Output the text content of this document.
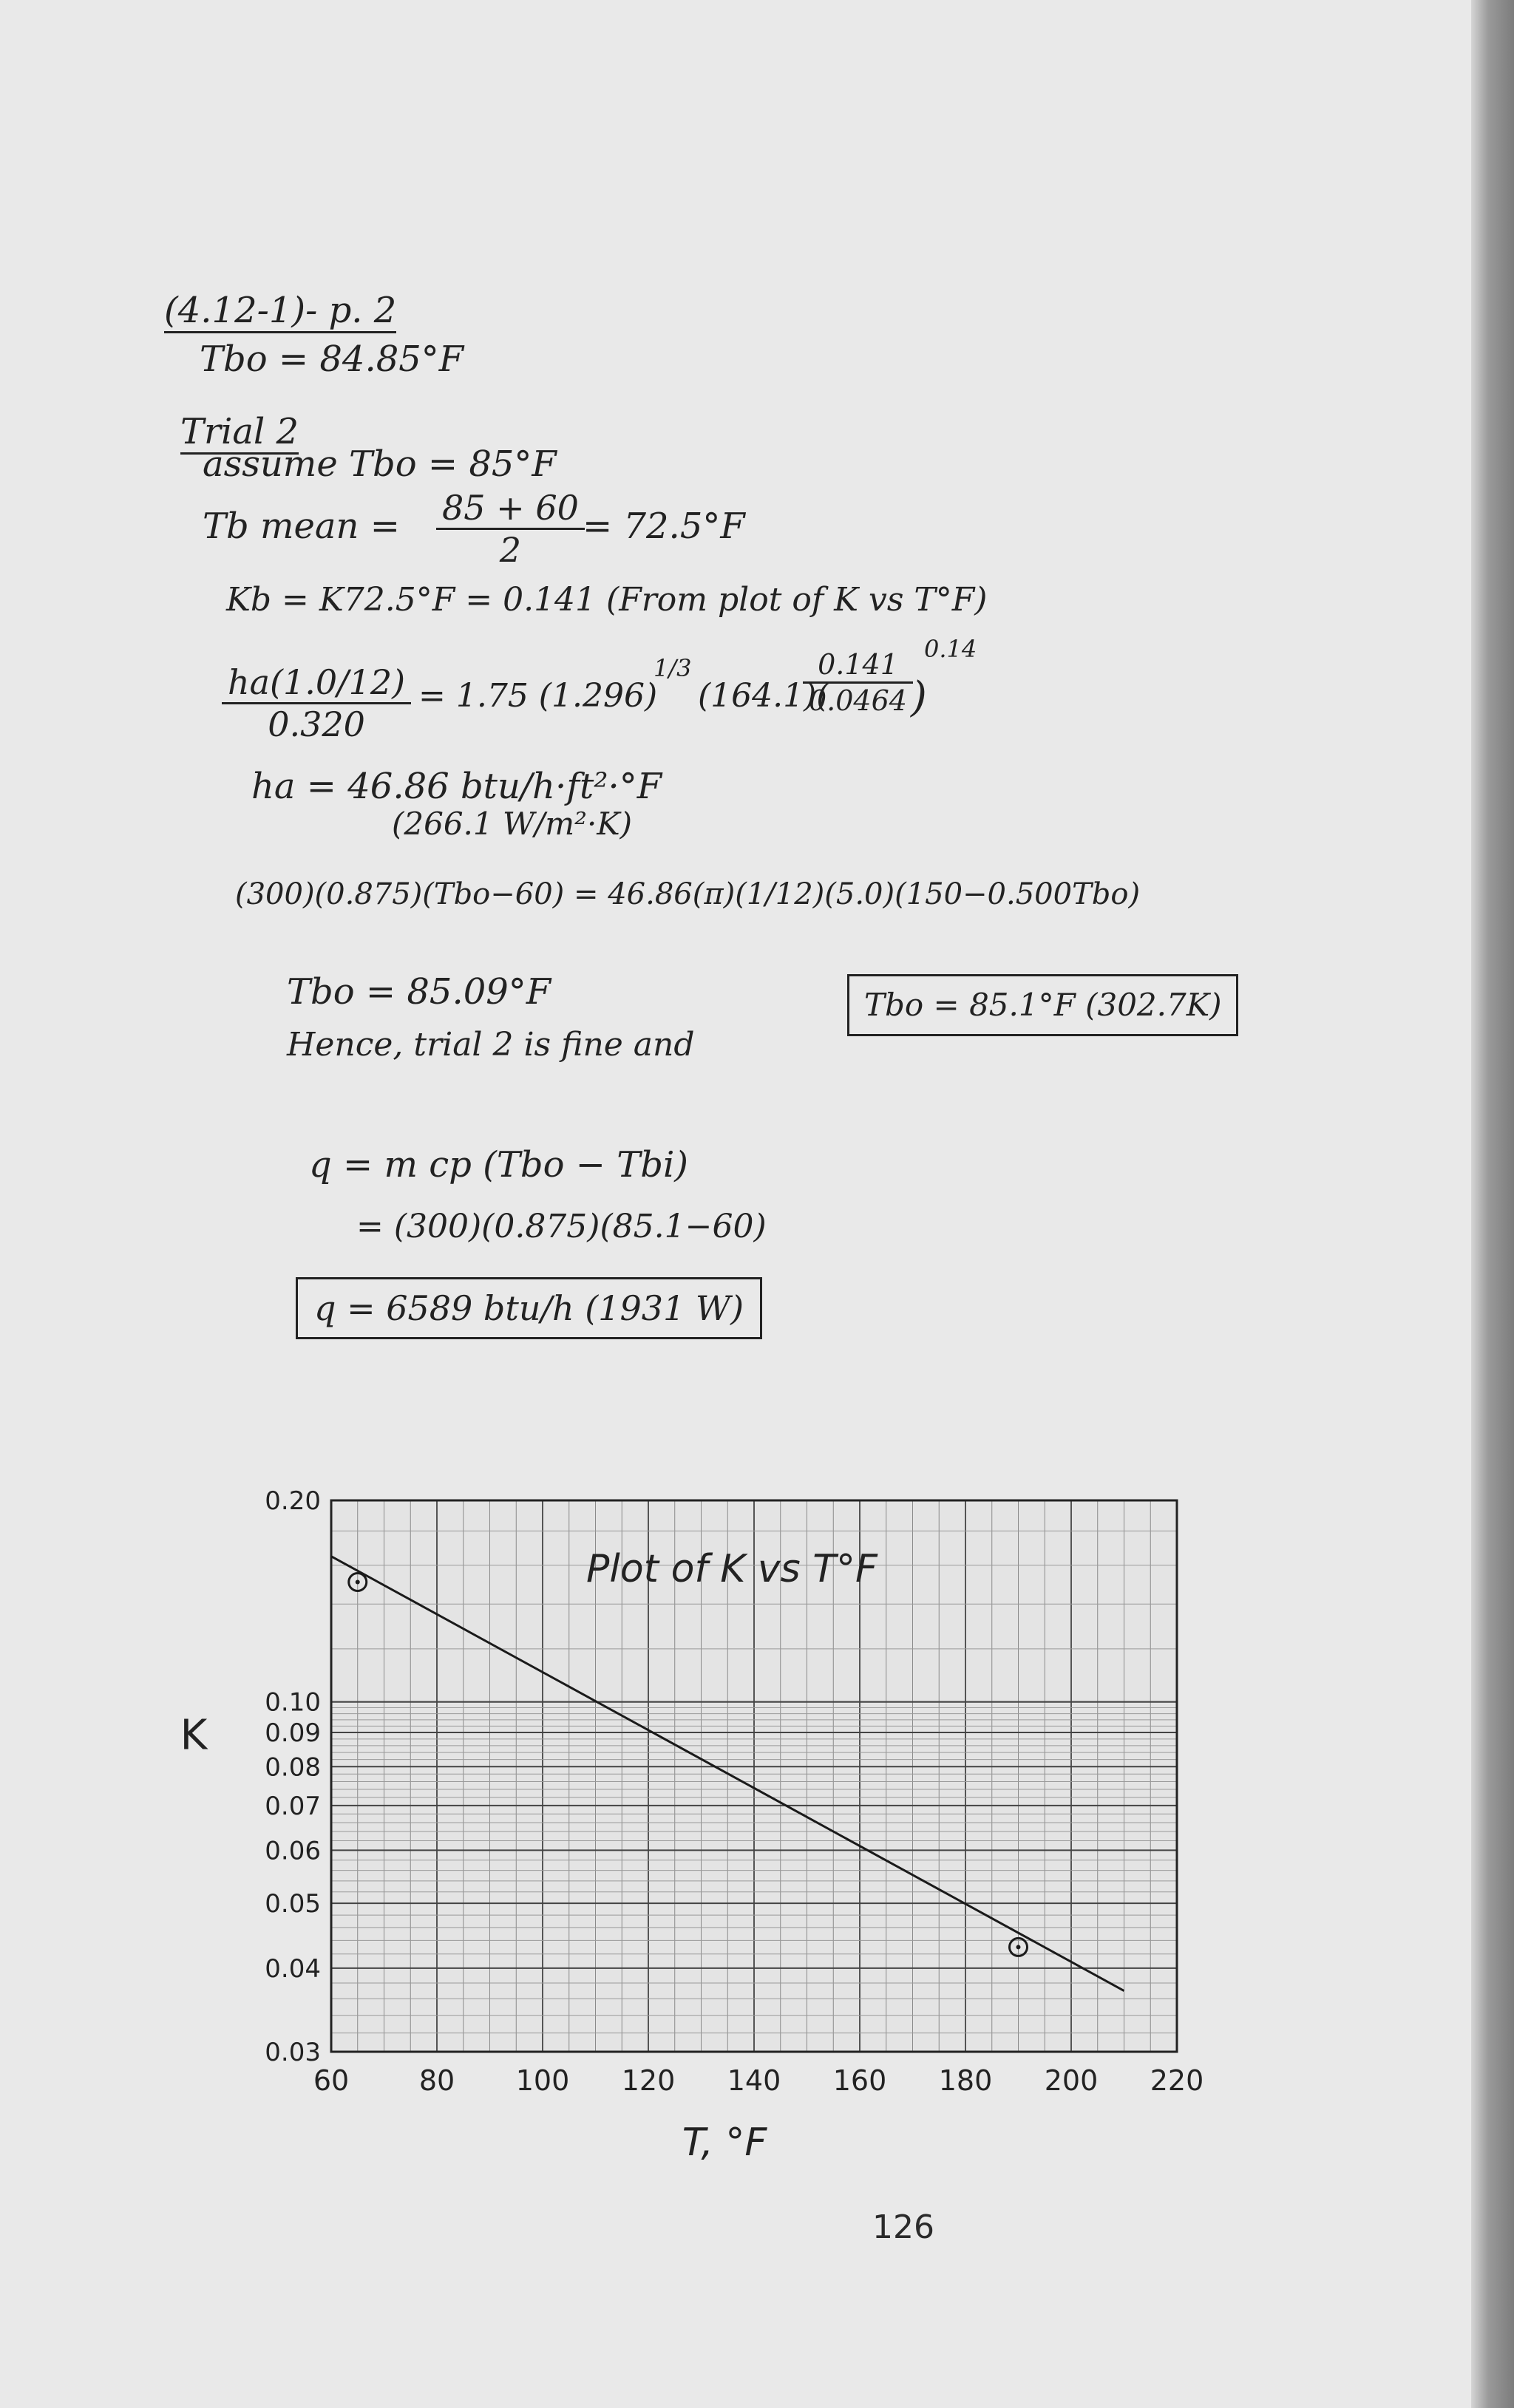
(4.12-1)- p. 2
Tbo = 84.85°F
Trial 2
assume Tbo = 85°F
Tb mean = $\frac{85 + 60}{2}$
= 72.5°F
Kb = K72.5°F = 0.141 (From plot of K vs T°F)
$\frac{ha(1.0/12)}{0.320} = 1.75$ (1.296)
1/3
(164.1)(
$\frac{0.141}{0.0464}$
)
0.14
ha = 46.86 btu/h·ft²·°F
(266.1 W/m²·K)
(300)(0.875)(Tbo−60) = 46.86(π)(1/12)(5.0)(150−0.500Tbo)
Tbo = 85.09°F
Hence, trial 2 is fine and
Tbo = 85.1°F (302.7K)
q = m cp (Tbo − Tbi)
= (300)(0.875)(85.1−60)
q = 6589 btu/h (1931 W)
60 80 100 120 140 160 180 200 220
0.03
0.04
0.05
0.06
0.07
0.08
0.09
0.10
0.20
T, °F
K
Plot of K vs T°F
126
